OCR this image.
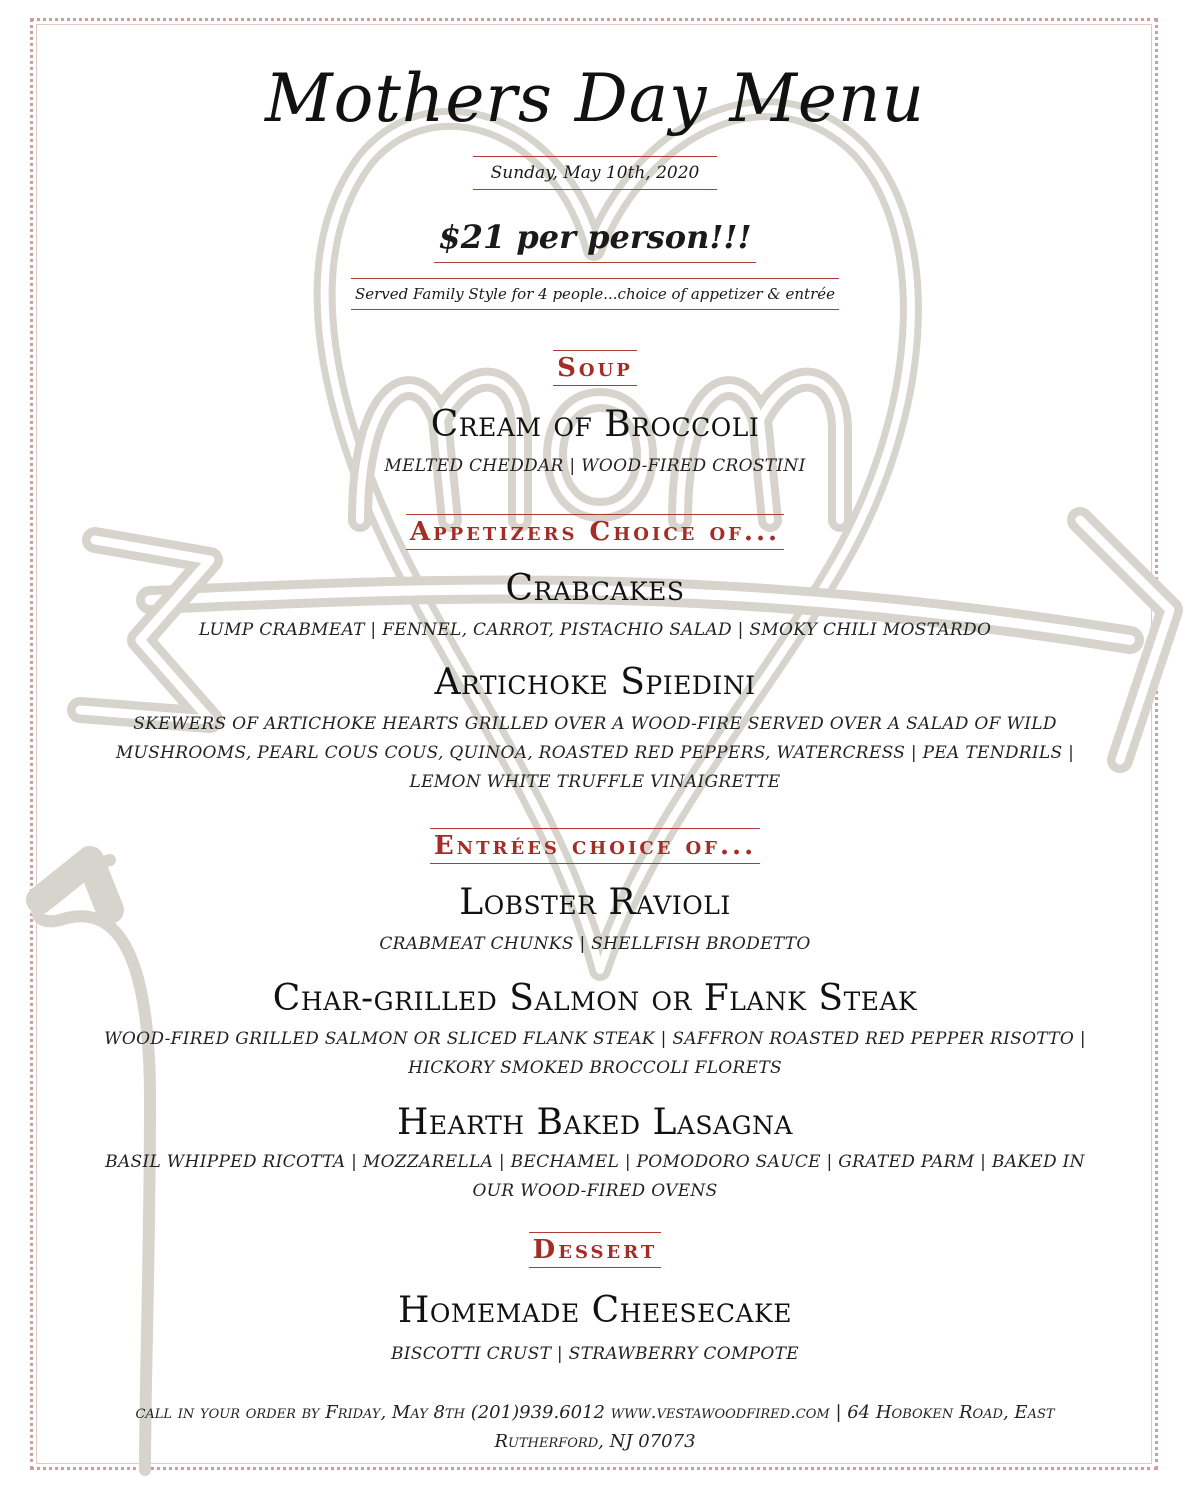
Mothers Day Menu
Sunday, May 10th, 2020
$21 per person!!!
Served Family Style for 4 people...choice of appetizer & entrée
Soup
Cream of Broccoli
MELTED CHEDDAR | WOOD-FIRED CROSTINI
Appetizers Choice of...
Crabcakes
LUMP CRABMEAT | FENNEL, CARROT, PISTACHIO SALAD | SMOKY CHILI MOSTARDO
Artichoke Spiedini
SKEWERS OF ARTICHOKE HEARTS GRILLED OVER A WOOD-FIRE SERVED OVER A SALAD OF WILD MUSHROOMS, PEARL COUS COUS, QUINOA, ROASTED RED PEPPERS, WATERCRESS | PEA TENDRILS | LEMON WHITE TRUFFLE VINAIGRETTE
Entrées choice of...
Lobster Ravioli
CRABMEAT CHUNKS | SHELLFISH BRODETTO
Char-grilled Salmon or Flank Steak
WOOD-FIRED GRILLED SALMON OR SLICED FLANK STEAK | SAFFRON ROASTED RED PEPPER RISOTTO | HICKORY SMOKED BROCCOLI FLORETS
Hearth Baked Lasagna
BASIL WHIPPED RICOTTA | MOZZARELLA | BECHAMEL | POMODORO SAUCE | GRATED PARM | BAKED IN OUR WOOD-FIRED OVENS
Dessert
Homemade Cheesecake
BISCOTTI CRUST | STRAWBERRY COMPOTE
call in your order by Friday, May 8th (201)939.6012 www.vestawoodfired.com | 64 Hoboken Road, East Rutherford, NJ 07073
